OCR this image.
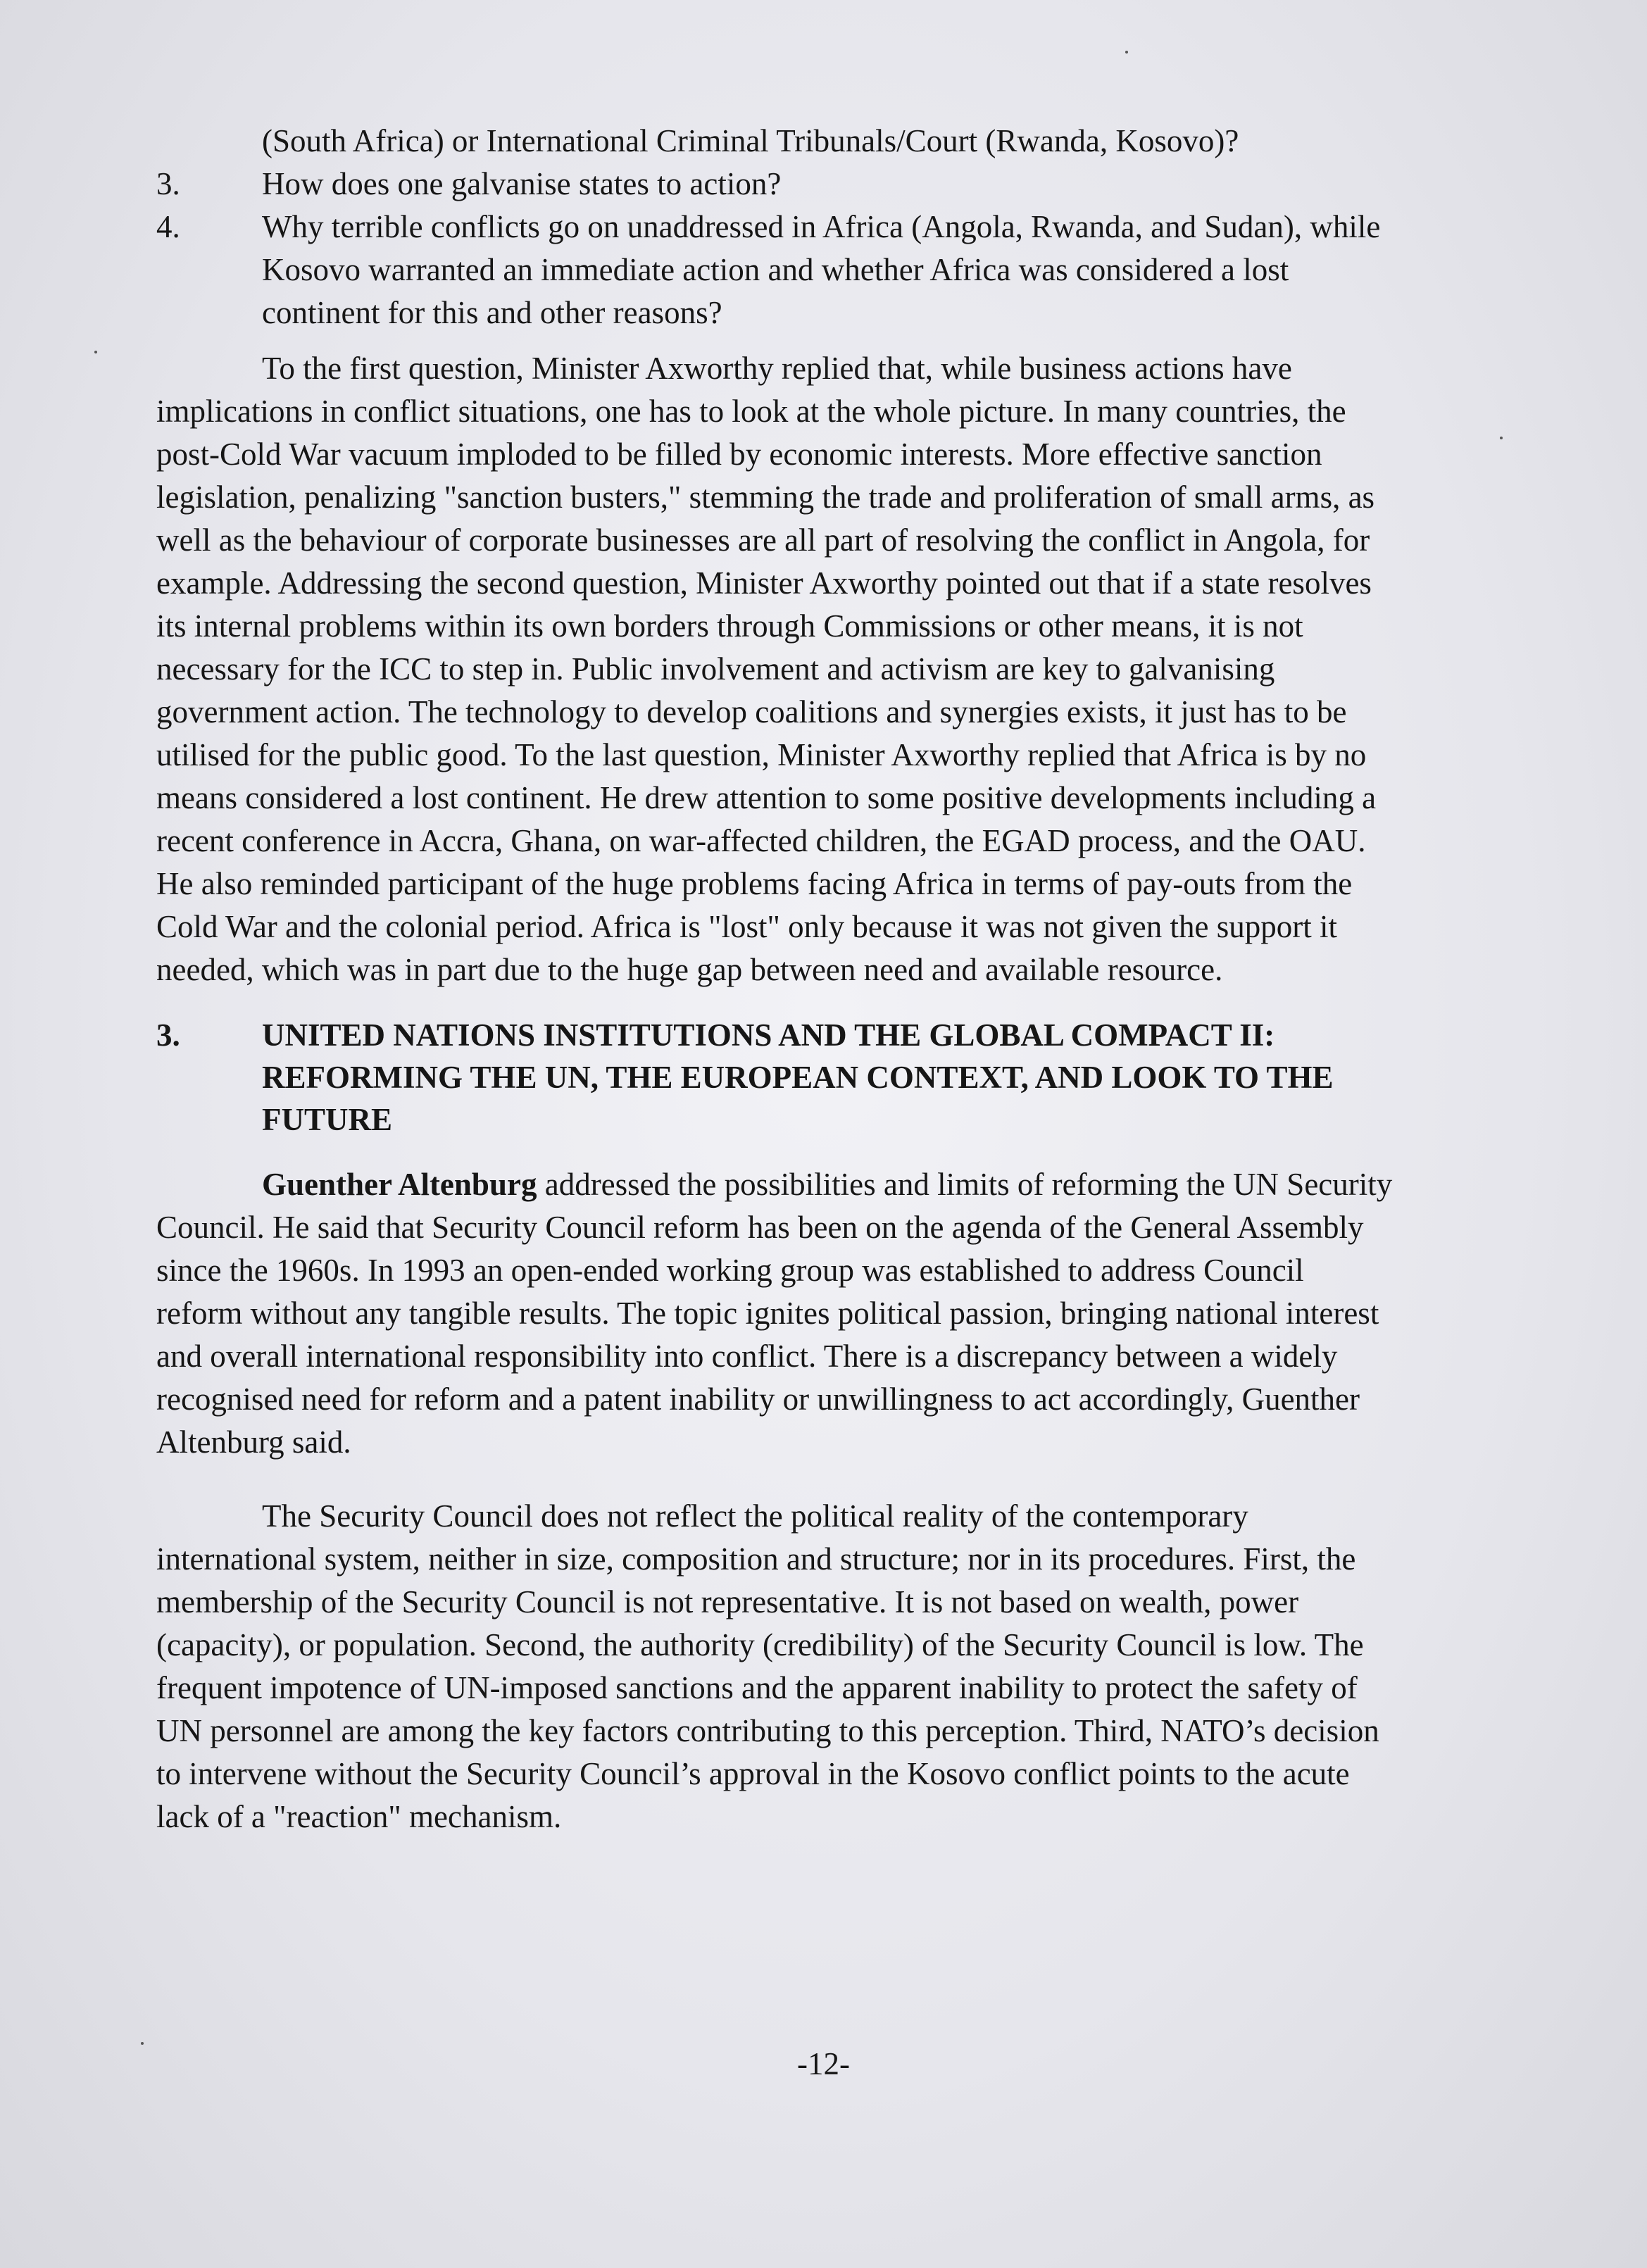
(South Africa) or International Criminal Tribunals/Court (Rwanda, Kosovo)?
3.	How does one galvanise states to action?
4.	Why terrible conflicts go on unaddressed in Africa (Angola, Rwanda, and Sudan), while
Kosovo warranted an immediate action and whether Africa was considered a lost
continent for this and other reasons?
To the first question, Minister Axworthy replied that, while business actions have
implications in conflict situations, one has to look at the whole picture. In many countries, the
post-Cold War vacuum imploded to be filled by economic interests. More effective sanction
legislation, penalizing "sanction busters," stemming the trade and proliferation of small arms, as
well as the behaviour of corporate businesses are all part of resolving the conflict in Angola, for
example. Addressing the second question, Minister Axworthy pointed out that if a state resolves
its internal problems within its own borders through Commissions or other means, it is not
necessary for the ICC to step in. Public involvement and activism are key to galvanising
government action. The technology to develop coalitions and synergies exists, it just has to be
utilised for the public good. To the last question, Minister Axworthy replied that Africa is by no
means considered a lost continent. He drew attention to some positive developments including a
recent conference in Accra, Ghana, on war-affected children, the EGAD process, and the OAU.
He also reminded participant of the huge problems facing Africa in terms of pay-outs from the
Cold War and the colonial period. Africa is "lost" only because it was not given the support it
needed, which was in part due to the huge gap between need and available resource.
3.	UNITED NATIONS INSTITUTIONS AND THE GLOBAL COMPACT II:
REFORMING THE UN, THE EUROPEAN CONTEXT, AND LOOK TO THE
FUTURE
Guenther Altenburg addressed the possibilities and limits of reforming the UN Security
Council. He said that Security Council reform has been on the agenda of the General Assembly
since the 1960s. In 1993 an open-ended working group was established to address Council
reform without any tangible results. The topic ignites political passion, bringing national interest
and overall international responsibility into conflict. There is a discrepancy between a widely
recognised need for reform and a patent inability or unwillingness to act accordingly, Guenther
Altenburg said.
The Security Council does not reflect the political reality of the contemporary
international system, neither in size, composition and structure; nor in its procedures. First, the
membership of the Security Council is not representative. It is not based on wealth, power
(capacity), or population. Second, the authority (credibility) of the Security Council is low. The
frequent impotence of UN-imposed sanctions and the apparent inability to protect the safety of
UN personnel are among the key factors contributing to this perception. Third, NATO’s decision
to intervene without the Security Council’s approval in the Kosovo conflict points to the acute
lack of a "reaction" mechanism.
-12-
